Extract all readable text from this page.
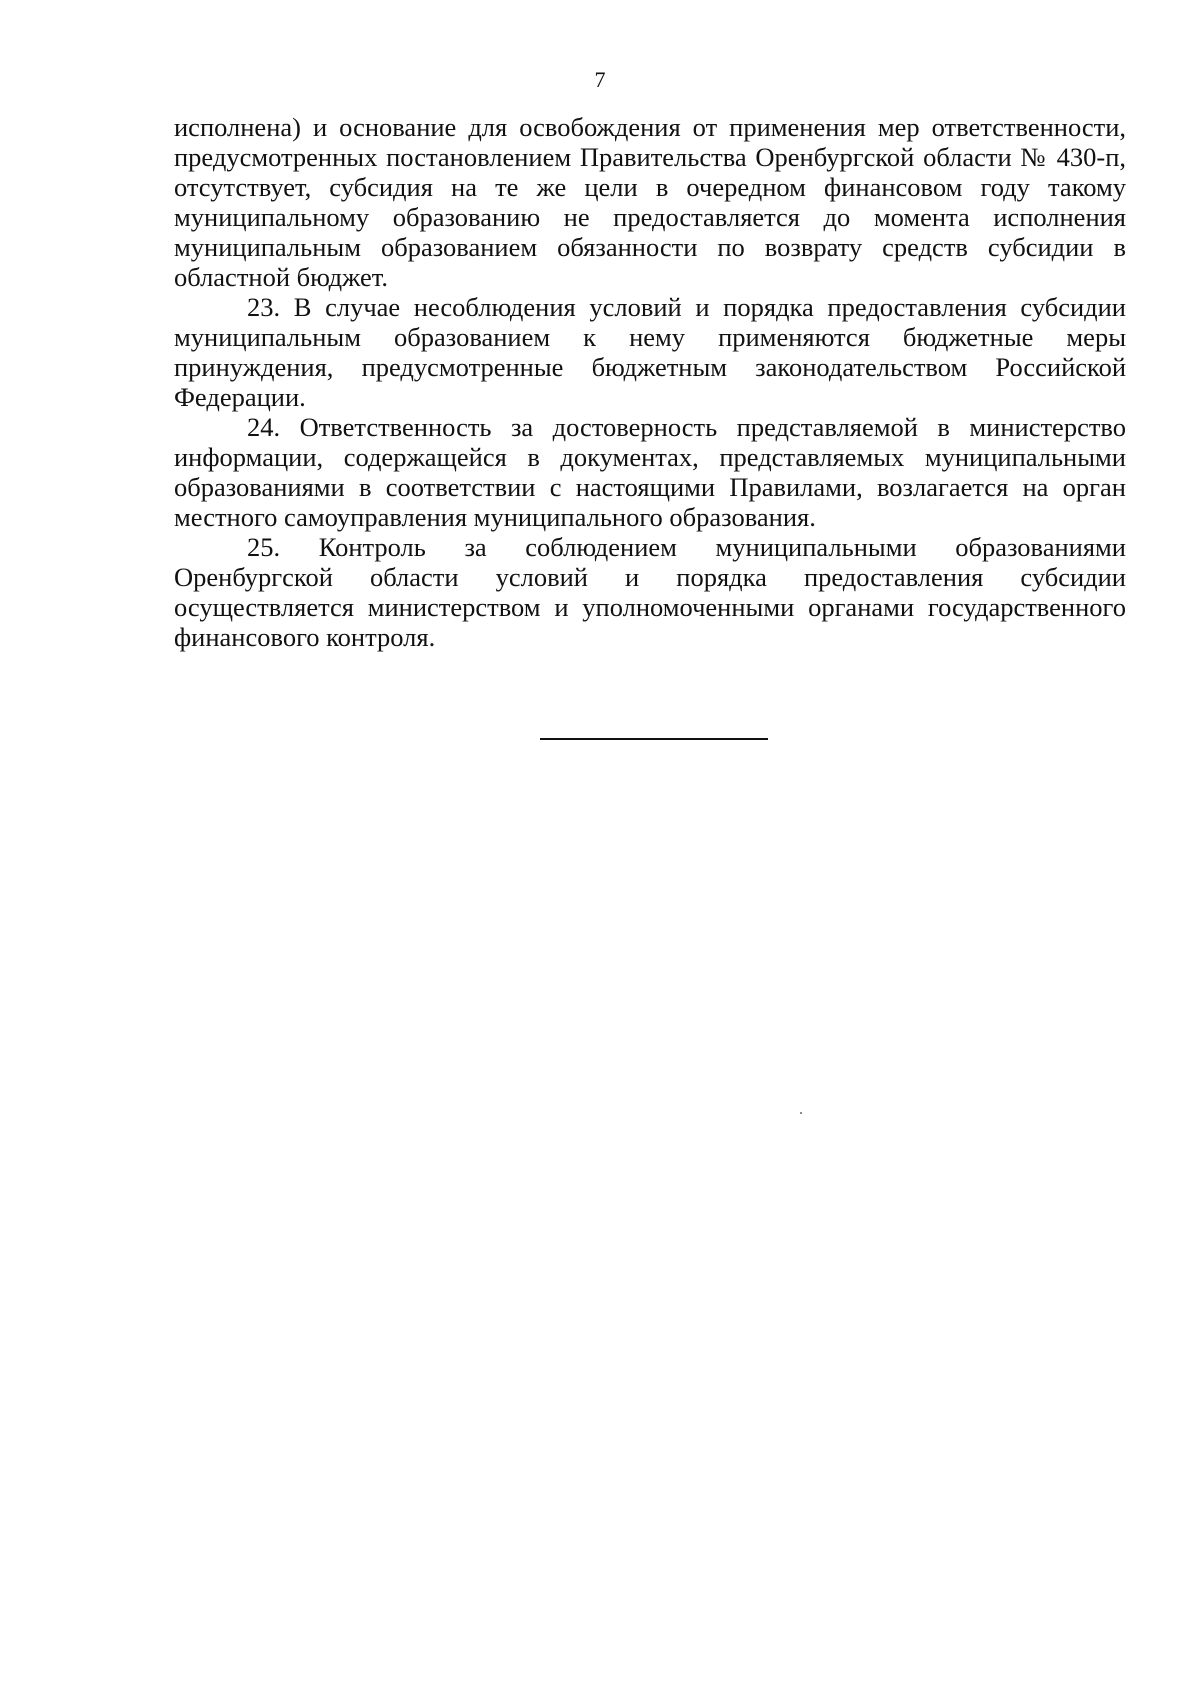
7

исполнена) и основание для освобождения от применения мер ответственности, предусмотренных постановлением Правительства Оренбургской области № 430-п, отсутствует, субсидия на те же цели в очередном финансовом году такому муниципальному образованию не предоставляется до момента исполнения муниципальным образованием обязанности по возврату средств субсидии в областной бюджет.

23. В случае несоблюдения условий и порядка предоставления субсидии муниципальным образованием к нему применяются бюджетные меры принуждения, предусмотренные бюджетным законодательством Российской Федерации.

24. Ответственность за достоверность представляемой в министерство информации, содержащейся в документах, представляемых муниципальными образованиями в соответствии с настоящими Правилами, возлагается на орган местного самоуправления муниципального образования.

25. Контроль за соблюдением муниципальными образованиями Оренбургской области условий и порядка предоставления субсидии осуществляется министерством и уполномоченными органами государственного финансового контроля.
